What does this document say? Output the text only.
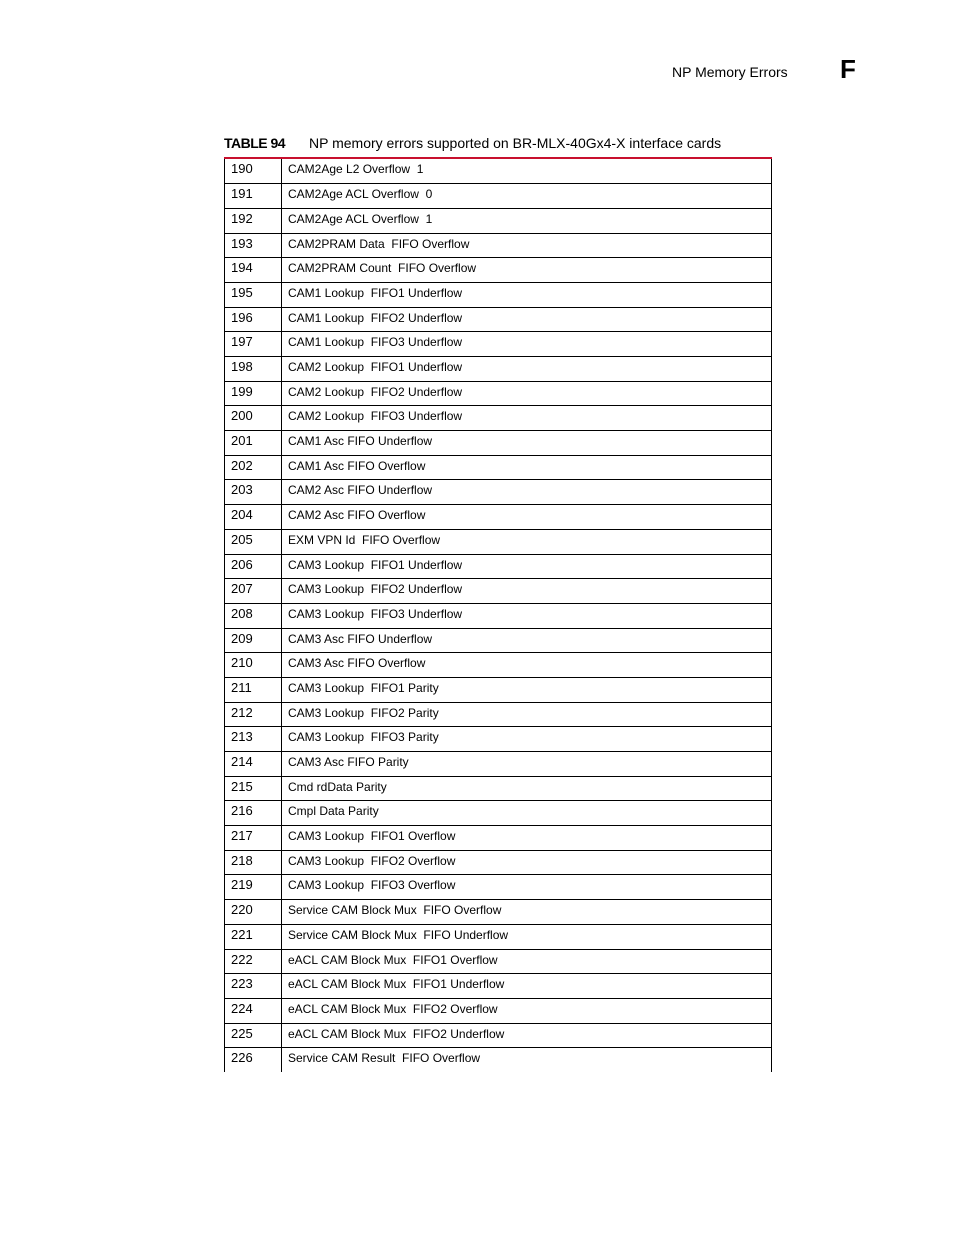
NP Memory Errors F
TABLE 94 NP memory errors supported on BR-MLX-40Gx4-X interface cards
190	CAM2Age L2 Overflow  1
191	CAM2Age ACL Overflow  0
192	CAM2Age ACL Overflow  1
193	CAM2PRAM Data  FIFO Overflow
194	CAM2PRAM Count  FIFO Overflow
195	CAM1 Lookup  FIFO1 Underflow
196	CAM1 Lookup  FIFO2 Underflow
197	CAM1 Lookup  FIFO3 Underflow
198	CAM2 Lookup  FIFO1 Underflow
199	CAM2 Lookup  FIFO2 Underflow
200	CAM2 Lookup  FIFO3 Underflow
201	CAM1 Asc FIFO Underflow
202	CAM1 Asc FIFO Overflow
203	CAM2 Asc FIFO Underflow
204	CAM2 Asc FIFO Overflow
205	EXM VPN Id  FIFO Overflow
206	CAM3 Lookup  FIFO1 Underflow
207	CAM3 Lookup  FIFO2 Underflow
208	CAM3 Lookup  FIFO3 Underflow
209	CAM3 Asc FIFO Underflow
210	CAM3 Asc FIFO Overflow
211	CAM3 Lookup  FIFO1 Parity
212	CAM3 Lookup  FIFO2 Parity
213	CAM3 Lookup  FIFO3 Parity
214	CAM3 Asc FIFO Parity
215	Cmd rdData Parity
216	Cmpl Data Parity
217	CAM3 Lookup  FIFO1 Overflow
218	CAM3 Lookup  FIFO2 Overflow
219	CAM3 Lookup  FIFO3 Overflow
220	Service CAM Block Mux  FIFO Overflow
221	Service CAM Block Mux  FIFO Underflow
222	eACL CAM Block Mux  FIFO1 Overflow
223	eACL CAM Block Mux  FIFO1 Underflow
224	eACL CAM Block Mux  FIFO2 Overflow
225	eACL CAM Block Mux  FIFO2 Underflow
226	Service CAM Result  FIFO Overflow
